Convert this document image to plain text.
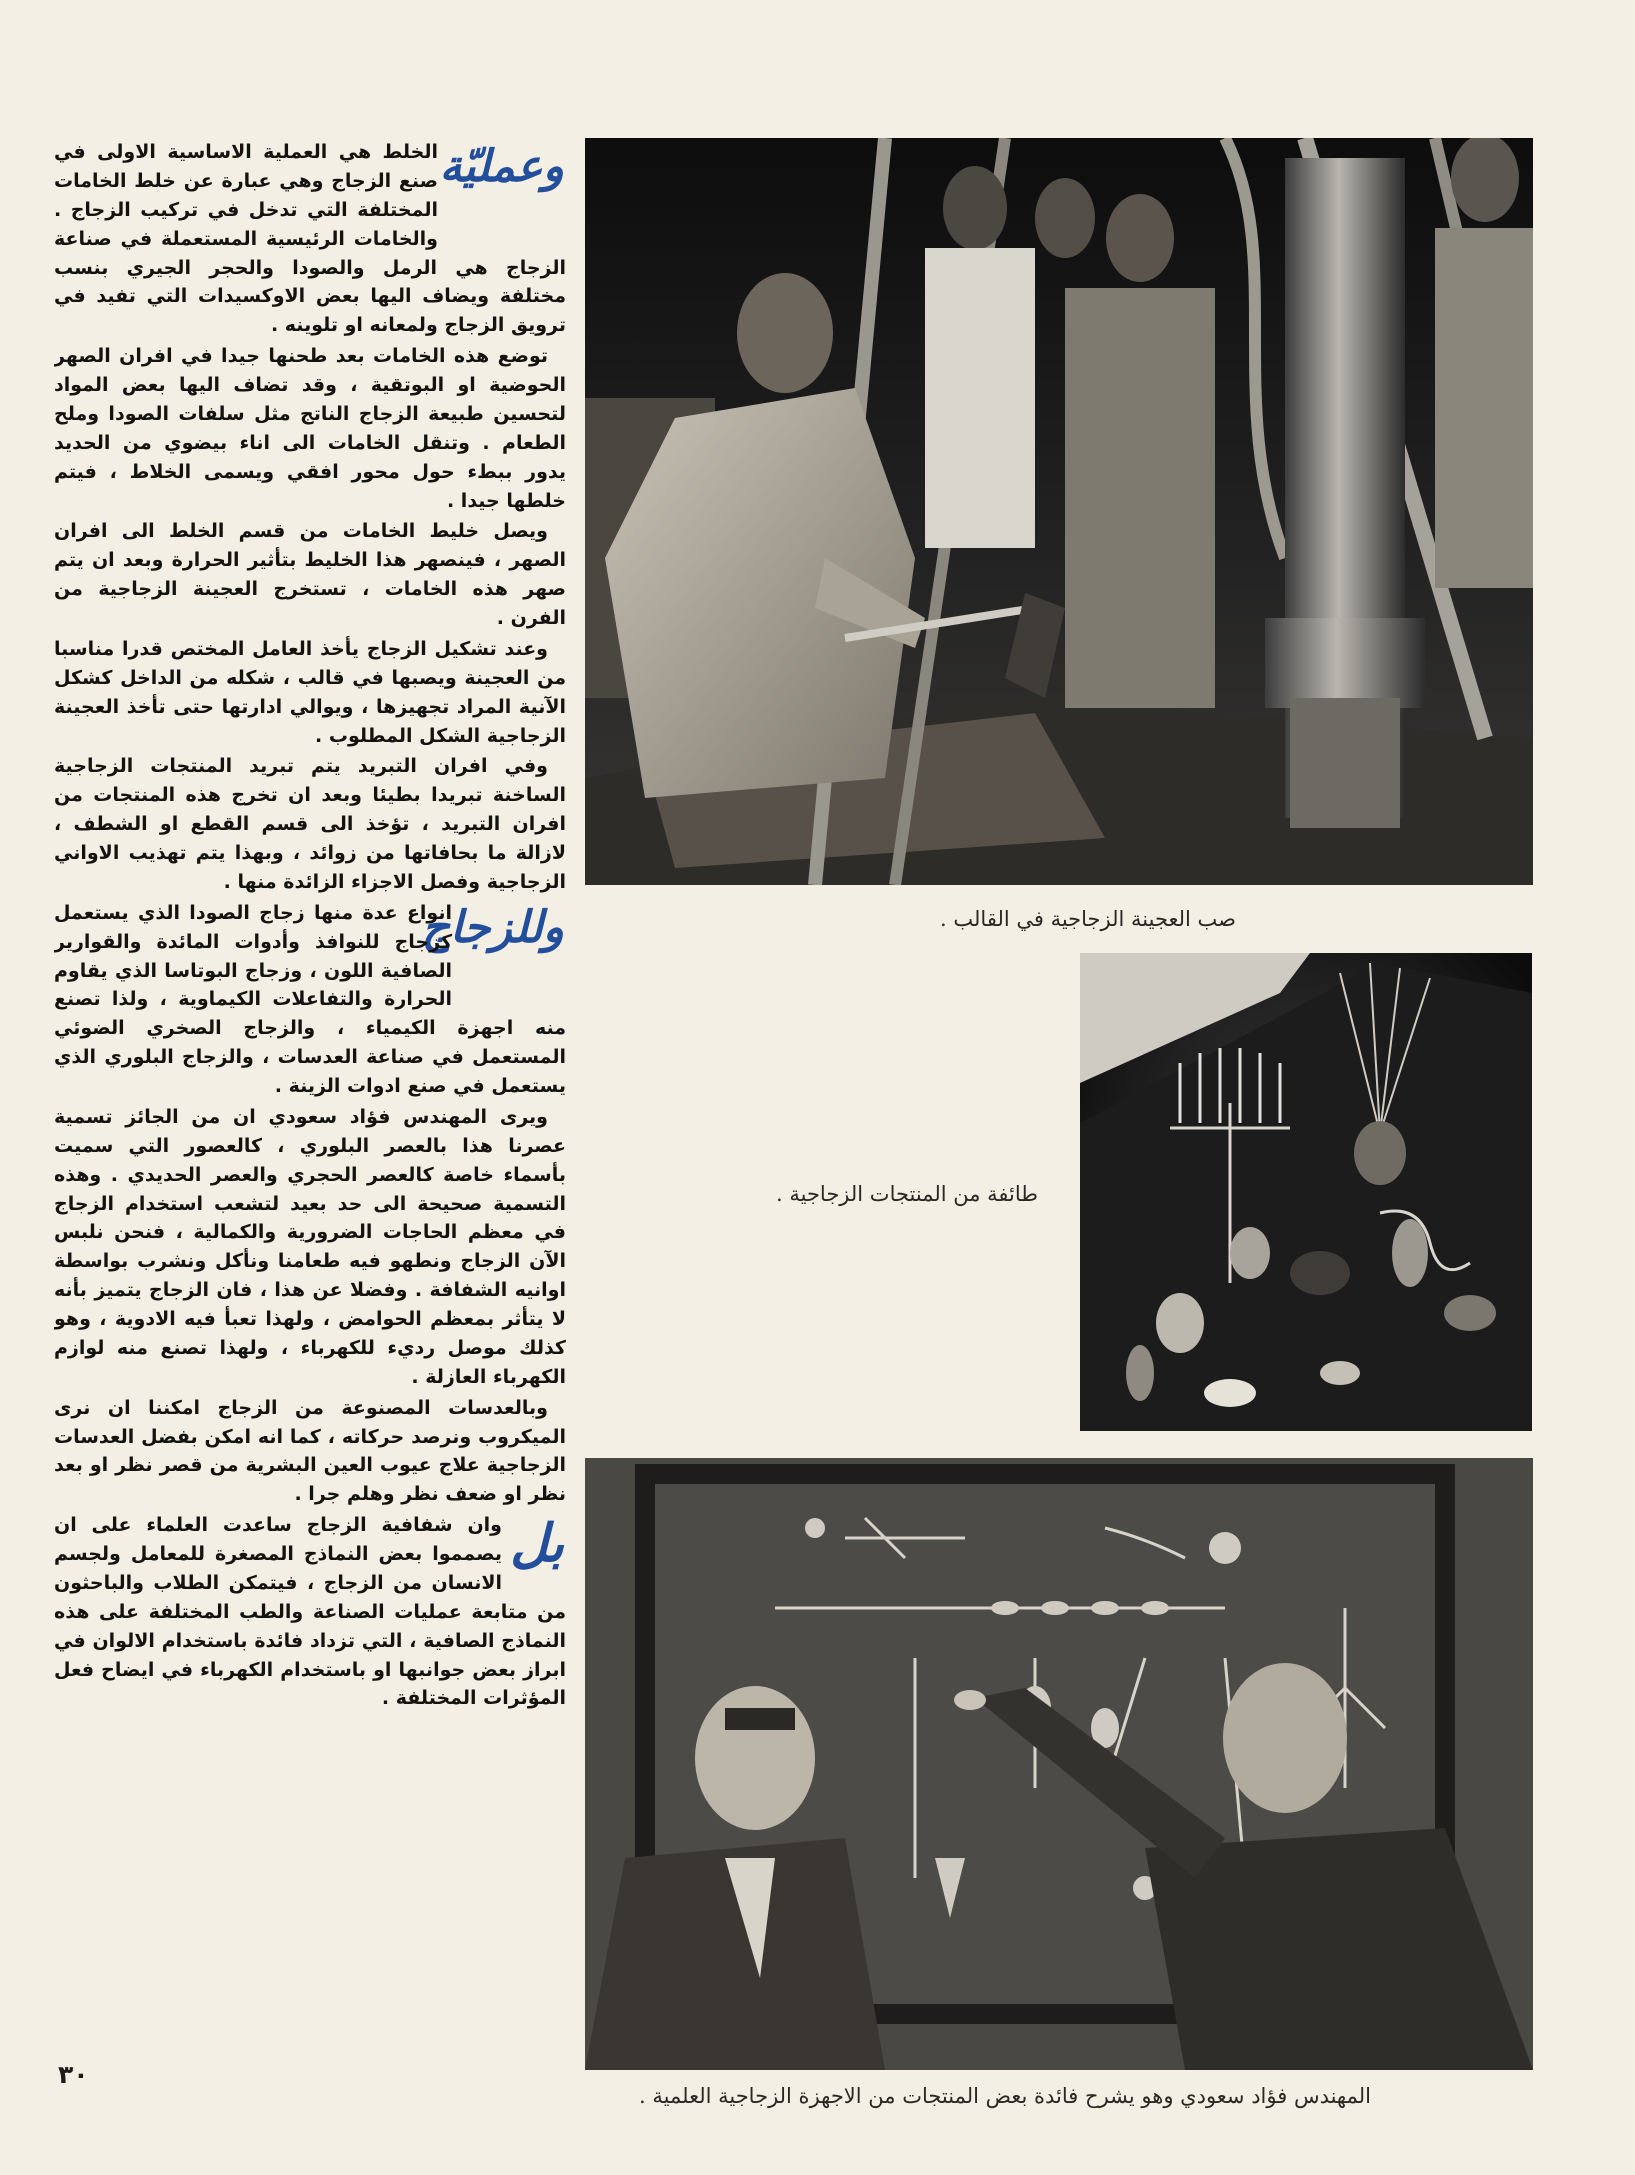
صب العجينة الزجاجية في القالب .
طائفة من المنتجات الزجاجية .
المهندس فؤاد سعودي وهو يشرح فائدة بعض المنتجات من الاجهزة الزجاجية العلمية .
وعمليّة

الخلط هي العملية الاساسية الاولى في صنع الزجاج وهي عبارة عن خلط الخامات المختلفة التي تدخل في تركيب الزجاج . والخامات الرئيسية المستعملة في صناعة الزجاج هي الرمل والصودا والحجر الجيري بنسب مختلفة ويضاف اليها بعض الاوكسيدات التي تفيد في ترويق الزجاج ولمعانه او تلوينه .

توضع هذه الخامات بعد طحنها جيدا في افران الصهر الحوضية او البوتقية ، وقد تضاف اليها بعض المواد لتحسين طبيعة الزجاج الناتج مثل سلفات الصودا وملح الطعام . وتنقل الخامات الى اناء بيضوي من الحديد يدور ببطء حول محور افقي ويسمى الخلاط ، فيتم خلطها جيدا .

ويصل خليط الخامات من قسم الخلط الى افران الصهر ، فينصهر هذا الخليط بتأثير الحرارة وبعد ان يتم صهر هذه الخامات ، تستخرج العجينة الزجاجية من الفرن .

وعند تشكيل الزجاج يأخذ العامل المختص قدرا مناسبا من العجينة ويصبها في قالب ، شكله من الداخل كشكل الآنية المراد تجهيزها ، ويوالي ادارتها حتى تأخذ العجينة الزجاجية الشكل المطلوب .

وفي افران التبريد يتم تبريد المنتجات الزجاجية الساخنة تبريدا بطيئا وبعد ان تخرج هذه المنتجات من افران التبريد ، تؤخذ الى قسم القطع او الشطف ، لازالة ما بحافاتها من زوائد ، وبهذا يتم تهذيب الاواني الزجاجية وفصل الاجزاء الزائدة منها .

وللزجاج

انواع عدة منها زجاج الصودا الذي يستعمل كزجاج للنوافذ وأدوات المائدة والقوارير الصافية اللون ، وزجاج البوتاسا الذي يقاوم الحرارة والتفاعلات الكيماوية ، ولذا تصنع منه اجهزة الكيمياء ، والزجاج الصخري الضوئي المستعمل في صناعة العدسات ، والزجاج البلوري الذي يستعمل في صنع ادوات الزينة .

ويرى المهندس فؤاد سعودي ان من الجائز تسمية عصرنا هذا بالعصر البلوري ، كالعصور التي سميت بأسماء خاصة كالعصر الحجري والعصر الحديدي . وهذه التسمية صحيحة الى حد بعيد لتشعب استخدام الزجاج في معظم الحاجات الضرورية والكمالية ، فنحن نلبس الآن الزجاج ونطهو فيه طعامنا ونأكل ونشرب بواسطة اوانيه الشفافة . وفضلا عن هذا ، فان الزجاج يتميز بأنه لا يتأثر بمعظم الحوامض ، ولهذا تعبأ فيه الادوية ، وهو كذلك موصل رديء للكهرباء ، ولهذا تصنع منه لوازم الكهرباء العازلة .

وبالعدسات المصنوعة من الزجاج امكننا ان نرى الميكروب ونرصد حركاته ، كما انه امكن بفضل العدسات الزجاجية علاج عيوب العين البشرية من قصر نظر او بعد نظر او ضعف نظر وهلم جرا .

بل

وان شفافية الزجاج ساعدت العلماء على ان يصمموا بعض النماذج المصغرة للمعامل ولجسم الانسان من الزجاج ، فيتمكن الطلاب والباحثون من متابعة عمليات الصناعة والطب المختلفة على هذه النماذج الصافية ، التي تزداد فائدة باستخدام الالوان في ابراز بعض جوانبها او باستخدام الكهرباء في ايضاح فعل المؤثرات المختلفة .

٣٠
